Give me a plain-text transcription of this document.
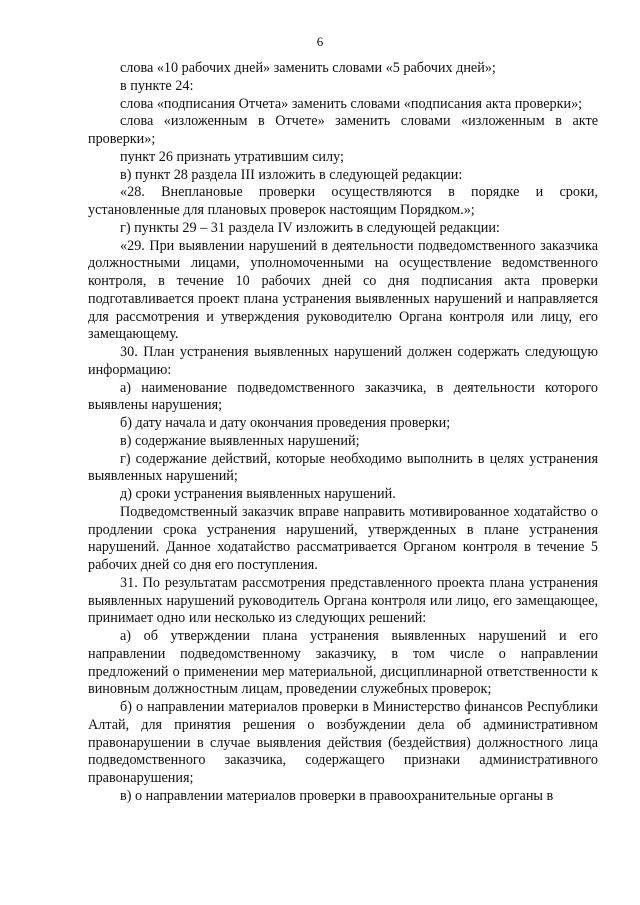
6

слова «10 рабочих дней» заменить словами «5 рабочих дней»;

в пункте 24:

слова «подписания Отчета» заменить словами «подписания акта проверки»;

слова «изложенным в Отчете» заменить словами «изложенным в акте проверки»;

пункт 26 признать утратившим силу;

в) пункт 28 раздела III изложить в следующей редакции:

«28. Внеплановые проверки осуществляются в порядке и сроки, установленные для плановых проверок настоящим Порядком.»;

г) пункты 29 – 31 раздела IV изложить в следующей редакции:

«29. При выявлении нарушений в деятельности подведомственного заказчика должностными лицами, уполномоченными на осуществление ведомственного контроля, в течение 10 рабочих дней со дня подписания акта проверки подготавливается проект плана устранения выявленных нарушений и направляется для рассмотрения и утверждения руководителю Органа контроля или лицу, его замещающему.

30. План устранения выявленных нарушений должен содержать следующую информацию:

а) наименование подведомственного заказчика, в деятельности которого выявлены нарушения;

б) дату начала и дату окончания проведения проверки;

в) содержание выявленных нарушений;

г) содержание действий, которые необходимо выполнить в целях устранения выявленных нарушений;

д) сроки устранения выявленных нарушений.

Подведомственный заказчик вправе направить мотивированное ходатайство о продлении срока устранения нарушений, утвержденных в плане устранения нарушений. Данное ходатайство рассматривается Органом контроля в течение 5 рабочих дней со дня его поступления.

31. По результатам рассмотрения представленного проекта плана устранения выявленных нарушений руководитель Органа контроля или лицо, его замещающее, принимает одно или несколько из следующих решений:

а) об утверждении плана устранения выявленных нарушений и его направлении подведомственному заказчику, в том числе о направлении предложений о применении мер материальной, дисциплинарной ответственности к виновным должностным лицам, проведении служебных проверок;

б) о направлении материалов проверки в Министерство финансов Республики Алтай, для принятия решения о возбуждении дела об административном правонарушении в случае выявления действия (бездействия) должностного лица подведомственного заказчика, содержащего признаки административного правонарушения;

в) о направлении материалов проверки в правоохранительные органы в
